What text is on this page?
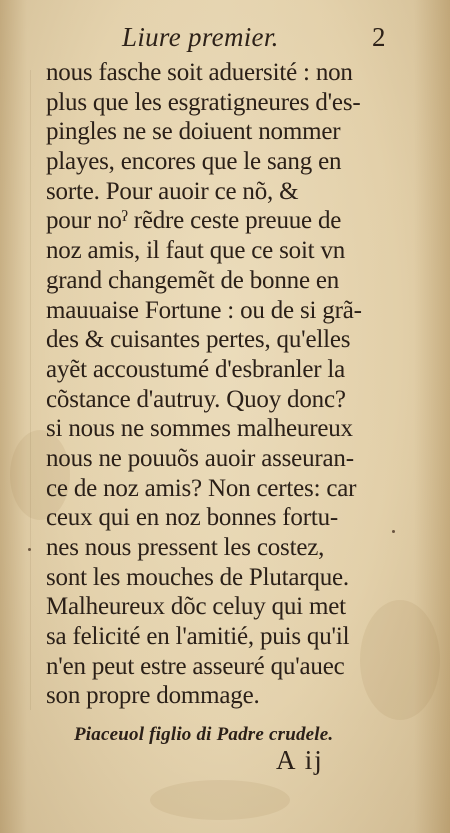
Liure premier.	2
nous fasche soit aduersité : non
plus que les esgratigneures d'es-
pingles ne se doiuent nommer
playes, encores que le sang en
sorte. Pour auoir ce nõ, &
pour noˀ rẽdre ceste preuue de
noz amis, il faut que ce soit vn
grand changemẽt de bonne en
mauuaise Fortune : ou de si grã-
des & cuisantes pertes, qu'elles
ayẽt accoustumé d'esbranler la
cõstance d'autruy. Quoy donc?
si nous ne sommes malheureux
nous ne pouuõs auoir asseuran-
ce de noz amis? Non certes: car
ceux qui en noz bonnes fortu-
nes nous pressent les costez,
sont les mouches de Plutarque.
Malheureux dõc celuy qui met
sa felicité en l'amitié, puis qu'il
n'en peut estre asseuré qu'auec
son propre dommage.
Piaceuol figlio di Padre crudele.
A ij
